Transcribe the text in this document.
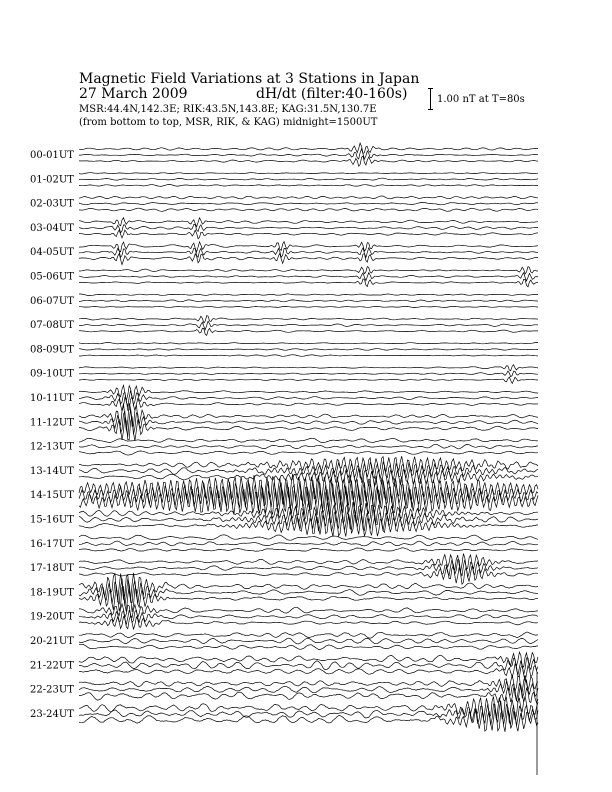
Magnetic Field Variations at 3 Stations in Japan
27 March 2009	dH/dt (filter:40-160s)
MSR:44.4N,142.3E; RIK:43.5N,143.8E; KAG:31.5N,130.7E
(from bottom to top, MSR, RIK, & KAG) midnight=1500UT
1.00 nT at T=80s
00-01UT
01-02UT
02-03UT
03-04UT
04-05UT
05-06UT
06-07UT
07-08UT
08-09UT
09-10UT
10-11UT
11-12UT
12-13UT
13-14UT
14-15UT
15-16UT
16-17UT
17-18UT
18-19UT
19-20UT
20-21UT
21-22UT
22-23UT
23-24UT
